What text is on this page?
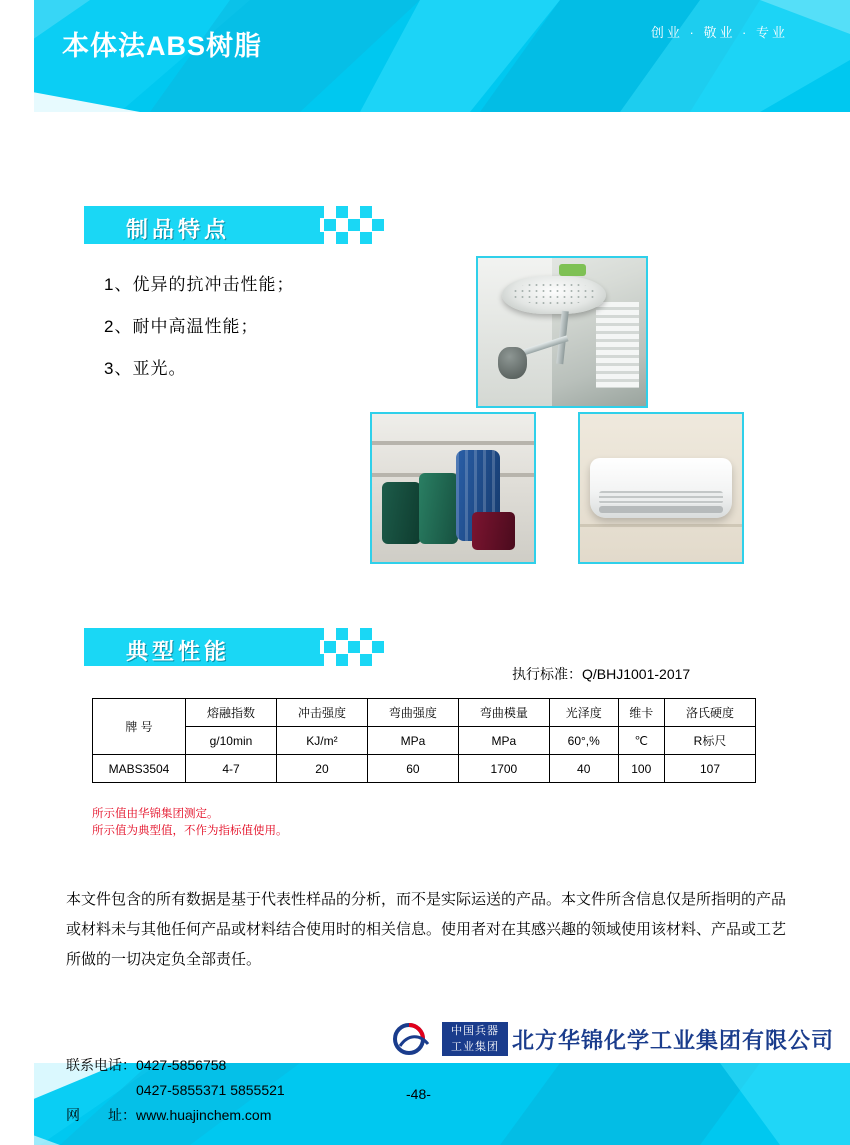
本体法ABS树脂	创业 · 敬业 · 专业
制品特点
1、优异的抗冲击性能；
2、耐中高温性能；
3、亚光。
典型性能
执行标准：Q/BHJ1001-2017
牌 号	熔融指数	冲击强度	弯曲强度	弯曲模量	光泽度	维卡	洛氏硬度
	g/10min	KJ/m²	MPa	MPa	60°,%	℃	R标尺
MABS3504	4-7	20	60	1700	40	100	107
所示值由华锦集团测定。
所示值为典型值，不作为指标值使用。
本文件包含的所有数据是基于代表性样品的分析，而不是实际运送的产品。本文件所含信息仅是所指明的产品或材料未与其他任何产品或材料结合使用时的相关信息。使用者对在其感兴趣的领域使用该材料、产品或工艺所做的一切决定负全部责任。
中国兵器
工业集团 北方华锦化学工业集团有限公司
联系电话：0427-5856758
0427-5855371 5855521
网　　址：www.huajinchem.com
-48-
